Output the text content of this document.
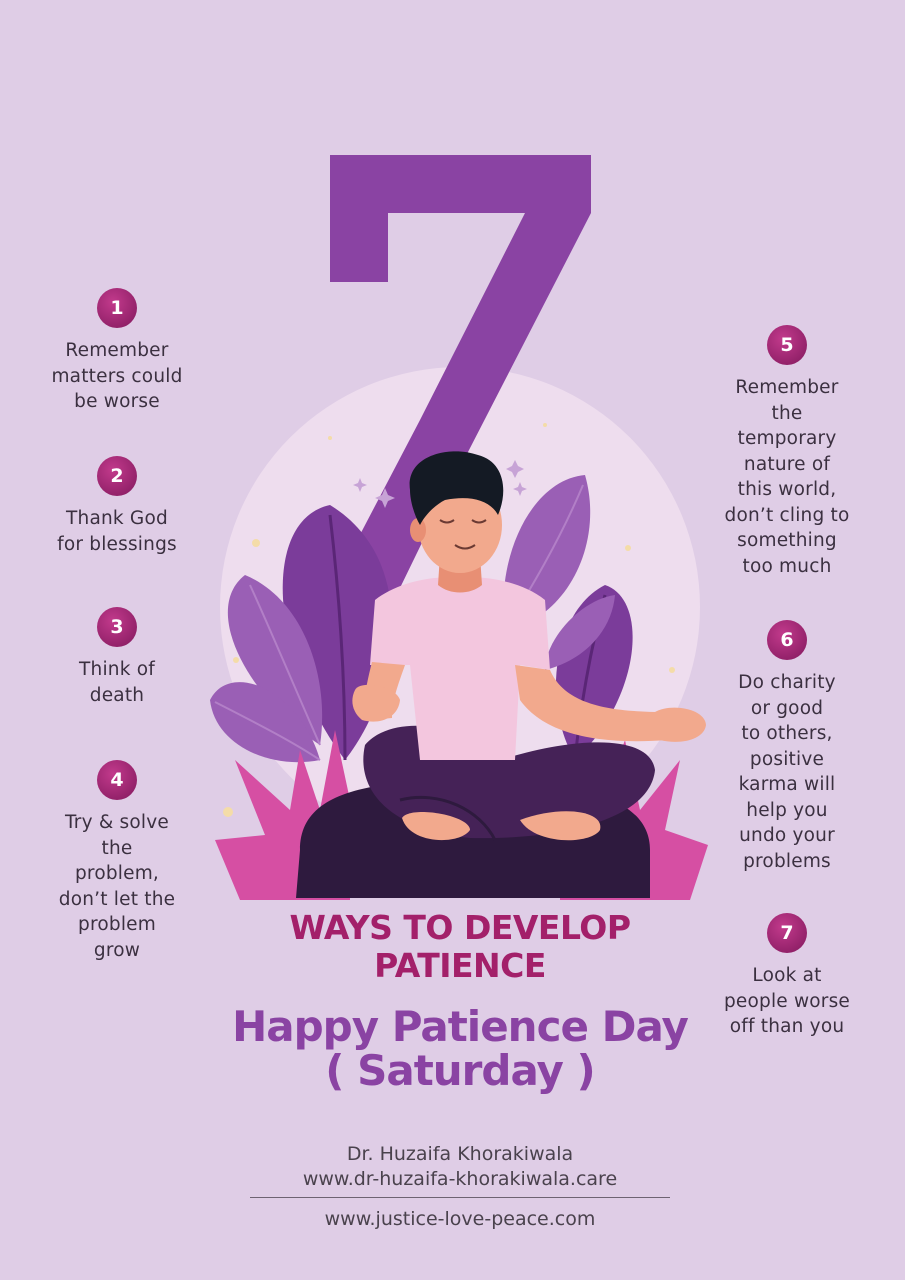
1
Remember
matters could
be worse
2
Thank God
for blessings
3
Think of
death
4
Try & solve
the
problem,
don’t let the
problem
grow
5
Remember
the
temporary
nature of
this world,
don’t cling to
something
too much
6
Do charity
or good
to others,
positive
karma will
help you
undo your
problems
7
Look at
people worse
off than you
WAYS TO DEVELOP
PATIENCE
Happy Patience Day
( Saturday )
Dr. Huzaifa Khorakiwala
www.dr-huzaifa-khorakiwala.care
www.justice-love-peace.com
